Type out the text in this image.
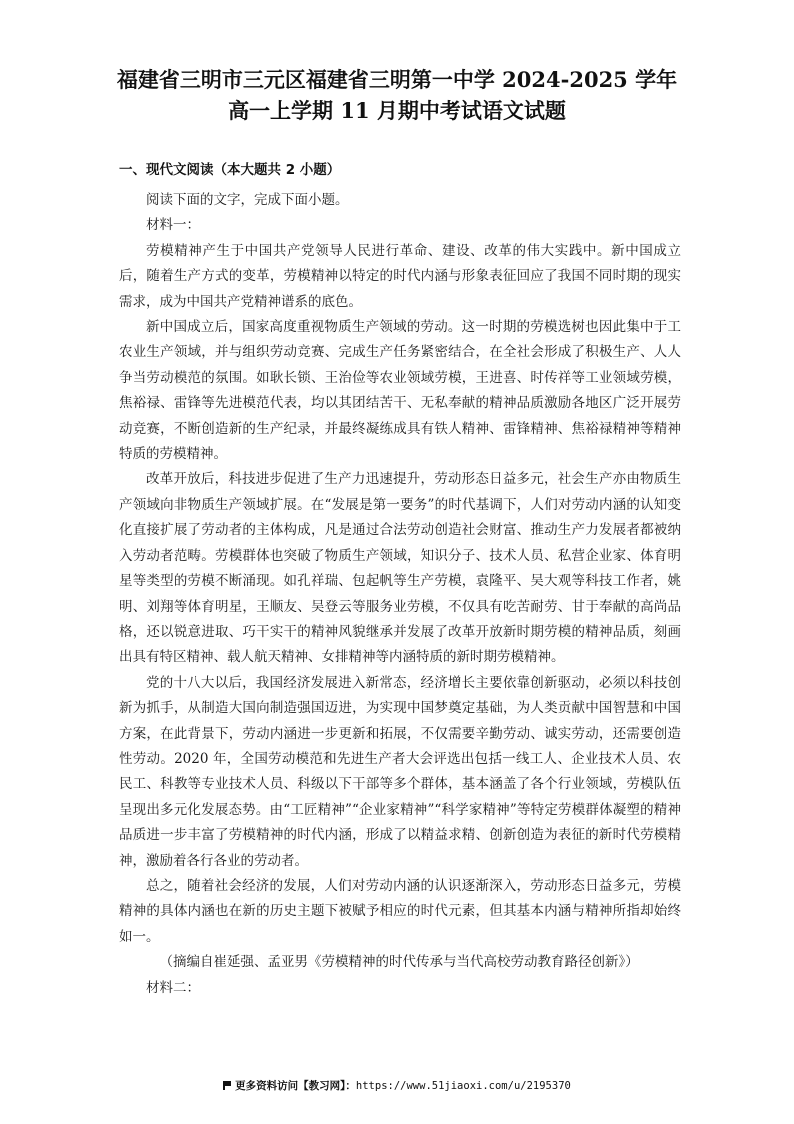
福建省三明市三元区福建省三明第一中学 2024-2025 学年
高一上学期 11 月期中考试语文试题
一、现代文阅读（本大题共 2 小题）

阅读下面的文字，完成下面小题。

材料一：

劳模精神产生于中国共产党领导人民进行革命、建设、改革的伟大实践中。新中国成立后，随着生产方式的变革，劳模精神以特定的时代内涵与形象表征回应了我国不同时期的现实需求，成为中国共产党精神谱系的底色。

新中国成立后，国家高度重视物质生产领域的劳动。这一时期的劳模选树也因此集中于工农业生产领域，并与组织劳动竞赛、完成生产任务紧密结合，在全社会形成了积极生产、人人争当劳动模范的氛围。如耿长锁、王治俭等农业领域劳模，王进喜、时传祥等工业领域劳模，焦裕禄、雷锋等先进模范代表，均以其团结苦干、无私奉献的精神品质激励各地区广泛开展劳动竞赛，不断创造新的生产纪录，并最终凝练成具有铁人精神、雷锋精神、焦裕禄精神等精神特质的劳模精神。

改革开放后，科技进步促进了生产力迅速提升，劳动形态日益多元，社会生产亦由物质生产领域向非物质生产领域扩展。在“发展是第一要务”的时代基调下，人们对劳动内涵的认知变化直接扩展了劳动者的主体构成，凡是通过合法劳动创造社会财富、推动生产力发展者都被纳入劳动者范畴。劳模群体也突破了物质生产领域，知识分子、技术人员、私营企业家、体育明星等类型的劳模不断涌现。如孔祥瑞、包起帆等生产劳模，袁隆平、吴大观等科技工作者，姚明、刘翔等体育明星，王顺友、吴登云等服务业劳模，不仅具有吃苦耐劳、甘于奉献的高尚品格，还以锐意进取、巧干实干的精神风貌继承并发展了改革开放新时期劳模的精神品质，刻画出具有特区精神、载人航天精神、女排精神等内涵特质的新时期劳模精神。

党的十八大以后，我国经济发展进入新常态，经济增长主要依靠创新驱动，必须以科技创新为抓手，从制造大国向制造强国迈进，为实现中国梦奠定基础，为人类贡献中国智慧和中国方案，在此背景下，劳动内涵进一步更新和拓展，不仅需要辛勤劳动、诚实劳动，还需要创造性劳动。2020 年，全国劳动模范和先进生产者大会评选出包括一线工人、企业技术人员、农民工、科教等专业技术人员、科级以下干部等多个群体，基本涵盖了各个行业领域，劳模队伍呈现出多元化发展态势。由“工匠精神”“企业家精神”“科学家精神”等特定劳模群体凝塑的精神品质进一步丰富了劳模精神的时代内涵，形成了以精益求精、创新创造为表征的新时代劳模精神，激励着各行各业的劳动者。

总之，随着社会经济的发展，人们对劳动内涵的认识逐渐深入，劳动形态日益多元，劳模精神的具体内涵也在新的历史主题下被赋予相应的时代元素，但其基本内涵与精神所指却始终如一。

（摘编自崔延强、孟亚男《劳模精神的时代传承与当代高校劳动教育路径创新》）

材料二：

更多资料访问【教习网】：https://www.51jiaoxi.com/u/2195370
